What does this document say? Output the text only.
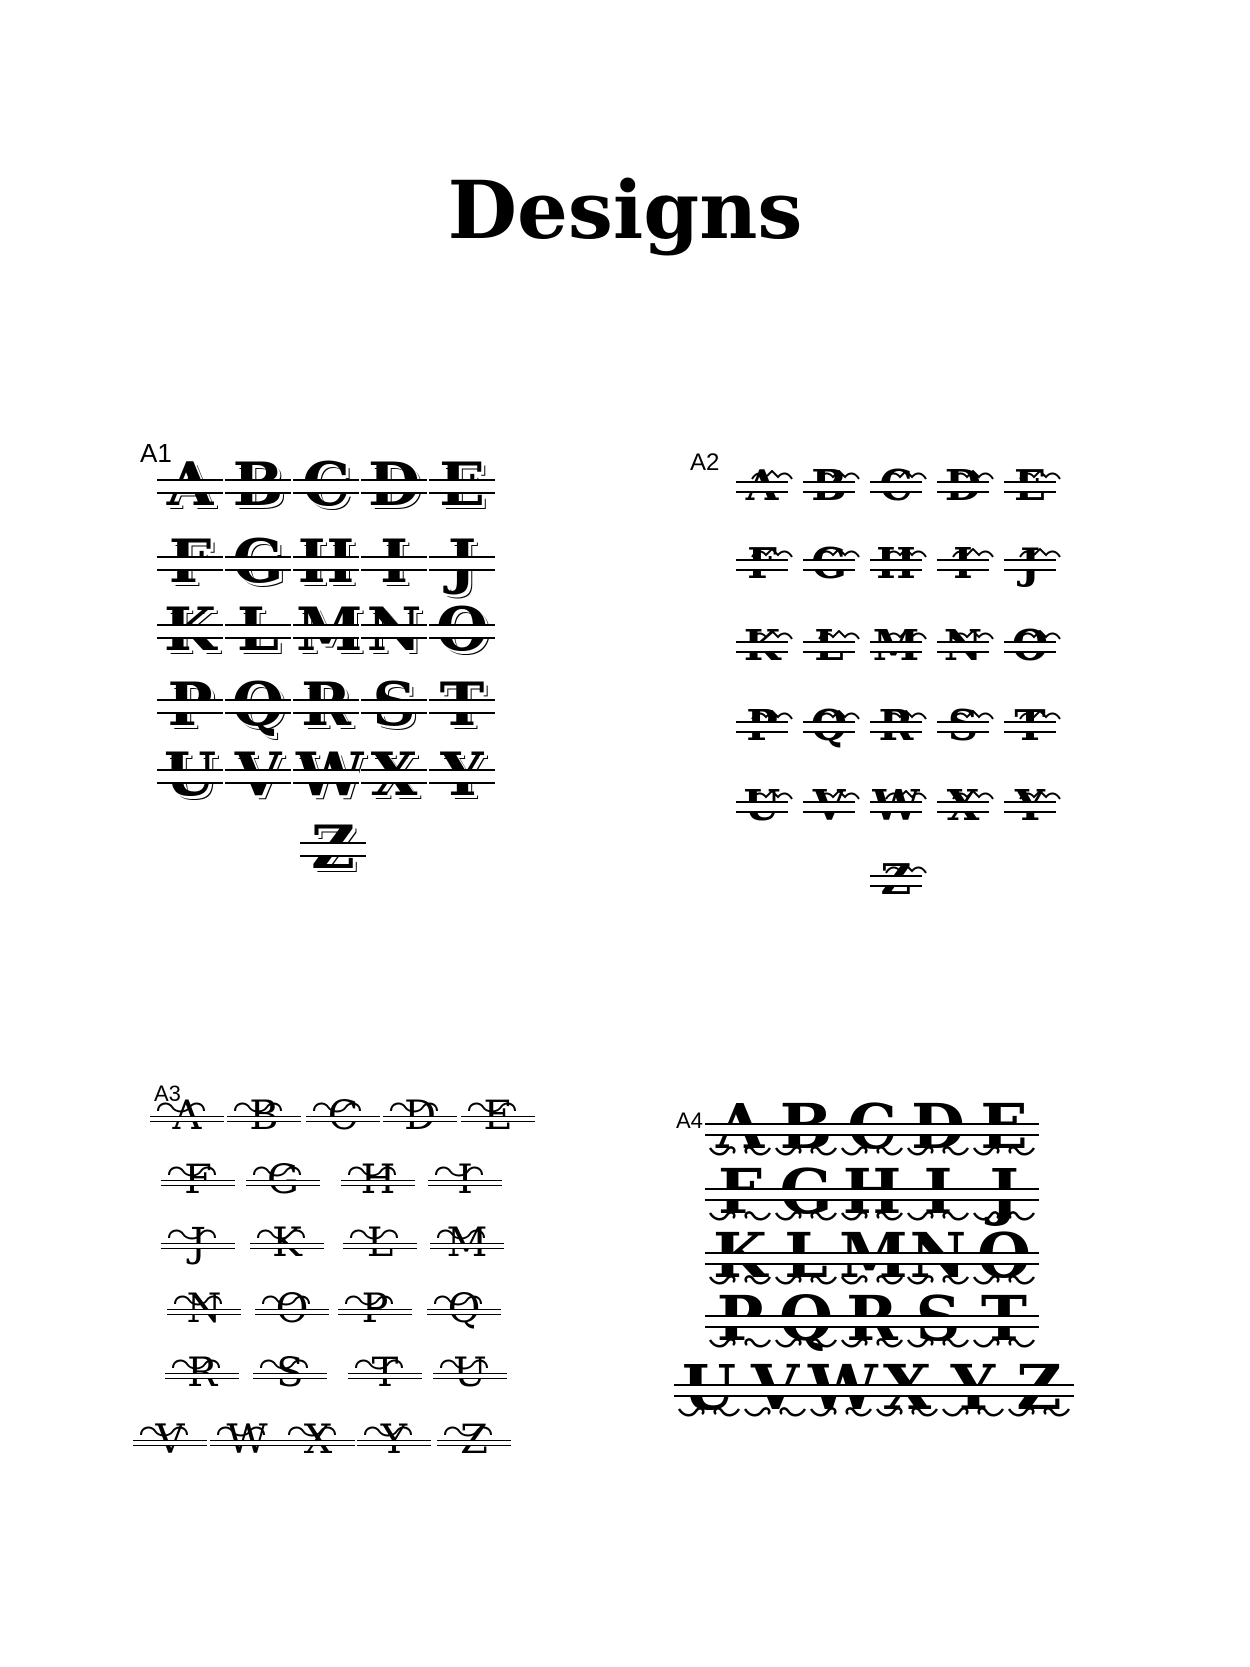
Designs
A1	A2
A3
A4
